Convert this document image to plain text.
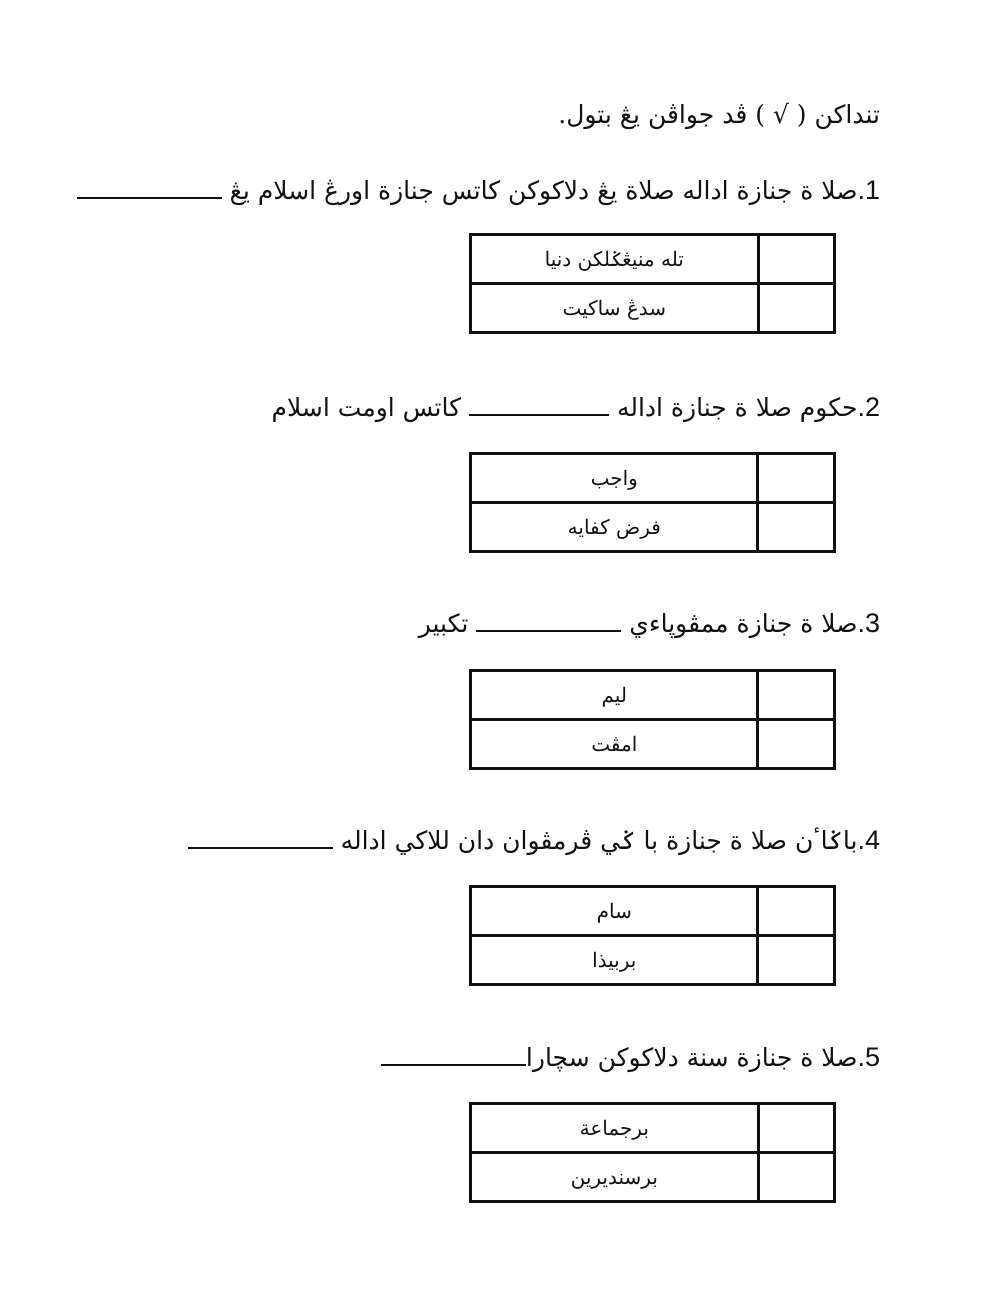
تنداکن ( √ ) ڤد جواڤن يڠ بتول.
1.صلا ة جنازة اداله صلاة يڠ دلاکوکن کاتس جنازة اورڠ اسلام يڠ
تله منيڠݢلکن دنيا	
سدڠ ساکيت	
2.حکوم صلا ة جنازة اداله  کاتس اومت اسلام
واجب	
فرض کفايه	
3.صلا ة جنازة ممڤوڽاءي  تکبير
ليم	
امڤت	
4.باݢاٴن صلا ة جنازة با ݢي ڤرمڤوان دان للاکي اداله
سام	
بربيذا	
5.صلا ة جنازة سنة دلاکوکن سچارا
برجماعة	
برسنديرين	
